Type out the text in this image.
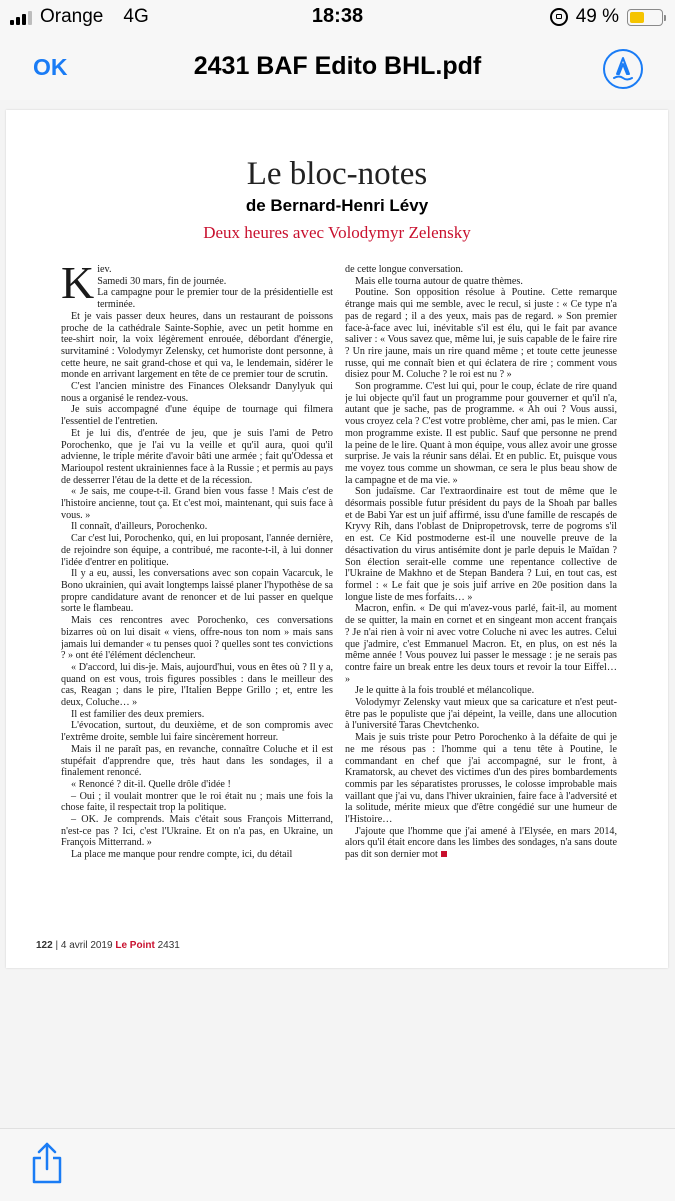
Orange 4G	18:38	49 %
OK	2431 BAF Edito BHL.pdf
Le bloc-notes
de Bernard-Henri Lévy
Deux heures avec Volodymyr Zelensky

Kiev.
Samedi 30 mars, fin de journée.
La campagne pour le premier tour de la présidentielle est terminée.

Et je vais passer deux heures, dans un restaurant de poissons proche de la cathédrale Sainte-Sophie, avec un petit homme en tee-shirt noir, la voix légèrement enrouée, débordant d'énergie, survitaminé : Volodymyr Zelensky, cet humoriste dont personne, à cette heure, ne sait grand-chose et qui va, le lendemain, sidérer le monde en arrivant largement en tête de ce premier tour de scrutin.

C'est l'ancien ministre des Finances Oleksandr Danylyuk qui nous a organisé le rendez-vous.

Je suis accompagné d'une équipe de tournage qui filmera l'essentiel de l'entretien.

Et je lui dis, d'entrée de jeu, que je suis l'ami de Petro Porochenko, que je l'ai vu la veille et qu'il aura, quoi qu'il advienne, le triple mérite d'avoir bâti une armée ; fait qu'Odessa et Marioupol restent ukrainiennes face à la Russie ; et permis au pays de desserrer l'étau de la dette et de la récession.

« Je sais, me coupe-t-il. Grand bien vous fasse ! Mais c'est de l'histoire ancienne, tout ça. Et c'est moi, maintenant, qui suis face à vous. »

Il connaît, d'ailleurs, Porochenko.

Car c'est lui, Porochenko, qui, en lui proposant, l'année dernière, de rejoindre son équipe, a contribué, me raconte-t-il, à lui donner l'idée d'entrer en politique.

Il y a eu, aussi, les conversations avec son copain Vacarcuk, le Bono ukrainien, qui avait longtemps laissé planer l'hypothèse de sa propre candidature avant de renoncer et de lui passer en quelque sorte le flambeau.

Mais ces rencontres avec Porochenko, ces conversations bizarres où on lui disait « viens, offre-nous ton nom » mais sans jamais lui demander « tu penses quoi ? quelles sont tes convictions ? » ont été l'élément déclencheur.

« D'accord, lui dis-je. Mais, aujourd'hui, vous en êtes où ? Il y a, quand on est vous, trois figures possibles : dans le meilleur des cas, Reagan ; dans le pire, l'Italien Beppe Grillo ; et, entre les deux, Coluche… »

Il est familier des deux premiers.

L'évocation, surtout, du deuxième, et de son compromis avec l'extrême droite, semble lui faire sincèrement horreur.

Mais il ne paraît pas, en revanche, connaître Coluche et il est stupéfait d'apprendre que, très haut dans les sondages, il a finalement renoncé.

« Renoncé ? dit-il. Quelle drôle d'idée !

– Oui ; il voulait montrer que le roi était nu ; mais une fois la chose faite, il respectait trop la politique.

– OK. Je comprends. Mais c'était sous François Mitterrand, n'est-ce pas ? Ici, c'est l'Ukraine. Et on n'a pas, en Ukraine, un François Mitterrand. »

La place me manque pour rendre compte, ici, du détail

de cette longue conversation.

Mais elle tourna autour de quatre thèmes.

Poutine. Son opposition résolue à Poutine. Cette remarque étrange mais qui me semble, avec le recul, si juste : « Ce type n'a pas de regard ; il a des yeux, mais pas de regard. » Son premier face-à-face avec lui, inévitable s'il est élu, qui le fait par avance saliver : « Vous savez que, même lui, je suis capable de le faire rire ? Un rire jaune, mais un rire quand même ; et toute cette jeunesse russe, qui me connaît bien et qui éclatera de rire ; comment vous disiez pour M. Coluche ? le roi est nu ? »

Son programme. C'est lui qui, pour le coup, éclate de rire quand je lui objecte qu'il faut un programme pour gouverner et qu'il n'a, autant que je sache, pas de programme. « Ah oui ? Vous aussi, vous croyez cela ? C'est votre problème, cher ami, pas le mien. Car mon programme existe. Il est public. Sauf que personne ne prend la peine de le lire. Quant à mon équipe, vous allez avoir une grosse surprise. Je vais la réunir sans délai. Et en public. Et, puisque vous me voyez tous comme un showman, ce sera le plus beau show de la campagne et de ma vie. »

Son judaïsme. Car l'extraordinaire est tout de même que le désormais possible futur président du pays de la Shoah par balles et de Babi Yar est un juif affirmé, issu d'une famille de rescapés de Kryvy Rih, dans l'oblast de Dnipropetrovsk, terre de pogroms s'il en est. Ce Kid postmoderne est-il une nouvelle preuve de la désactivation du virus antisémite dont je parle depuis le Maïdan ? Son élection serait-elle comme une repentance collective de l'Ukraine de Makhno et de Stepan Bandera ? Lui, en tout cas, est formel : « Le fait que je sois juif arrive en 20e position dans la longue liste de mes forfaits… »

Macron, enfin. « De qui m'avez-vous parlé, fait-il, au moment de se quitter, la main en cornet et en singeant mon accent français ? Je n'ai rien à voir ni avec votre Coluche ni avec les autres. Celui que j'admire, c'est Emmanuel Macron. Et, en plus, on est nés la même année ! Vous pouvez lui passer le message : je ne serais pas contre faire un break entre les deux tours et revoir la tour Eiffel… »

Je le quitte à la fois troublé et mélancolique.

Volodymyr Zelensky vaut mieux que sa caricature et n'est peut-être pas le populiste que j'ai dépeint, la veille, dans une allocution à l'université Taras Chevtchenko.

Mais je suis triste pour Petro Porochenko à la défaite de qui je ne me résous pas : l'homme qui a tenu tête à Poutine, le commandant en chef que j'ai accompagné, sur le front, à Kramatorsk, au chevet des victimes d'un des pires bombardements commis par les séparatistes prorusses, le colosse improbable mais vaillant que j'ai vu, dans l'hiver ukrainien, faire face à l'adversité et la solitude, mérite mieux que d'être congédié sur une humeur de l'Histoire…

J'ajoute que l'homme que j'ai amené à l'Elysée, en mars 2014, alors qu'il était encore dans les limbes des sondages, n'a sans doute pas dit son dernier mot

122 | 4 avril 2019 Le Point 2431
